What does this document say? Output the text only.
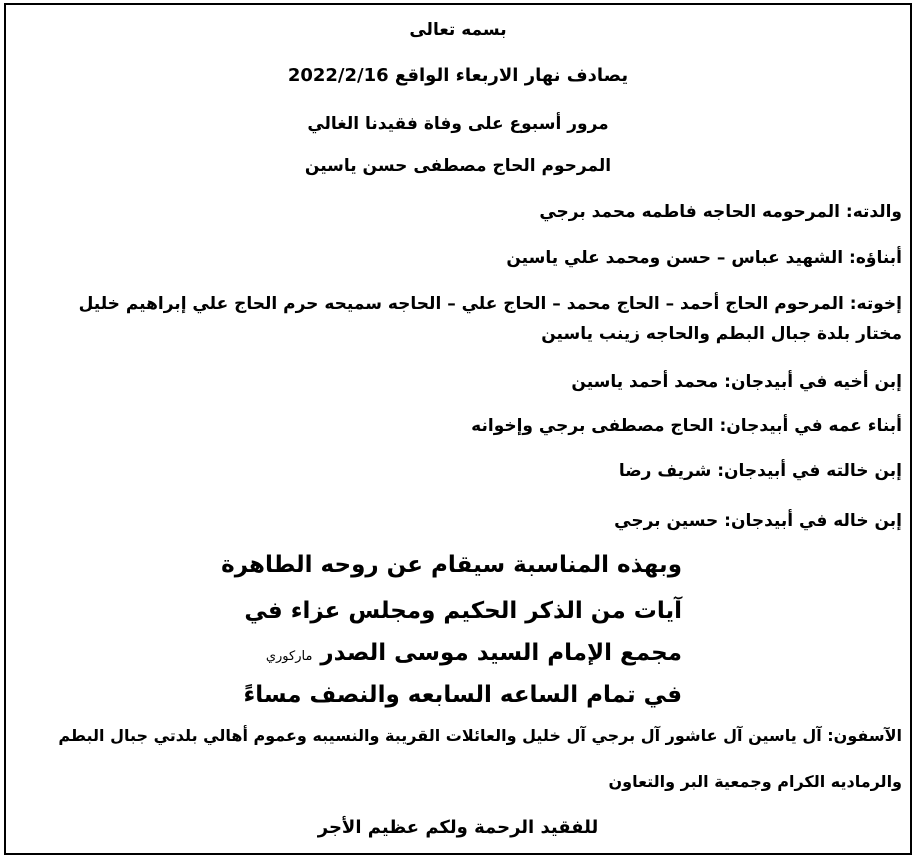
بسمه تعالى
يصادف نهار الاربعاء الواقع 2022/2/16
مرور أسبوع على وفاة فقيدنا الغالي
المرحوم الحاج مصطفى حسن ياسين
والدته: المرحومه الحاجه فاطمه محمد برجي
أبناؤه: الشهيد عباس – حسن ومحمد علي ياسين
إخوته: المرحوم الحاج أحمد – الحاج محمد – الحاج علي – الحاجه سميحه حرم الحاج علي إبراهيم خليل
مختار بلدة جبال البطم والحاجه زينب ياسين
إبن أخيه في أبيدجان: محمد أحمد ياسين
أبناء عمه في أبيدجان: الحاج مصطفى برجي وإخوانه
إبن خالته في أبيدجان: شريف رضا
إبن خاله في أبيدجان: حسين برجي
وبهذه المناسبة سيقام عن روحه الطاهرة
آيات من الذكر الحكيم ومجلس عزاء في
مجمع الإمام السيد موسى الصدر ماركوري
في تمام الساعه السابعه والنصف مساءً
الآسفون: آل ياسين آل عاشور آل برجي آل خليل والعائلات القريبة والنسيبه وعموم أهالي بلدتي جبال البطم
والرماديه الكرام وجمعية البر والتعاون
للفقيد الرحمة ولكم عظيم الأجر
